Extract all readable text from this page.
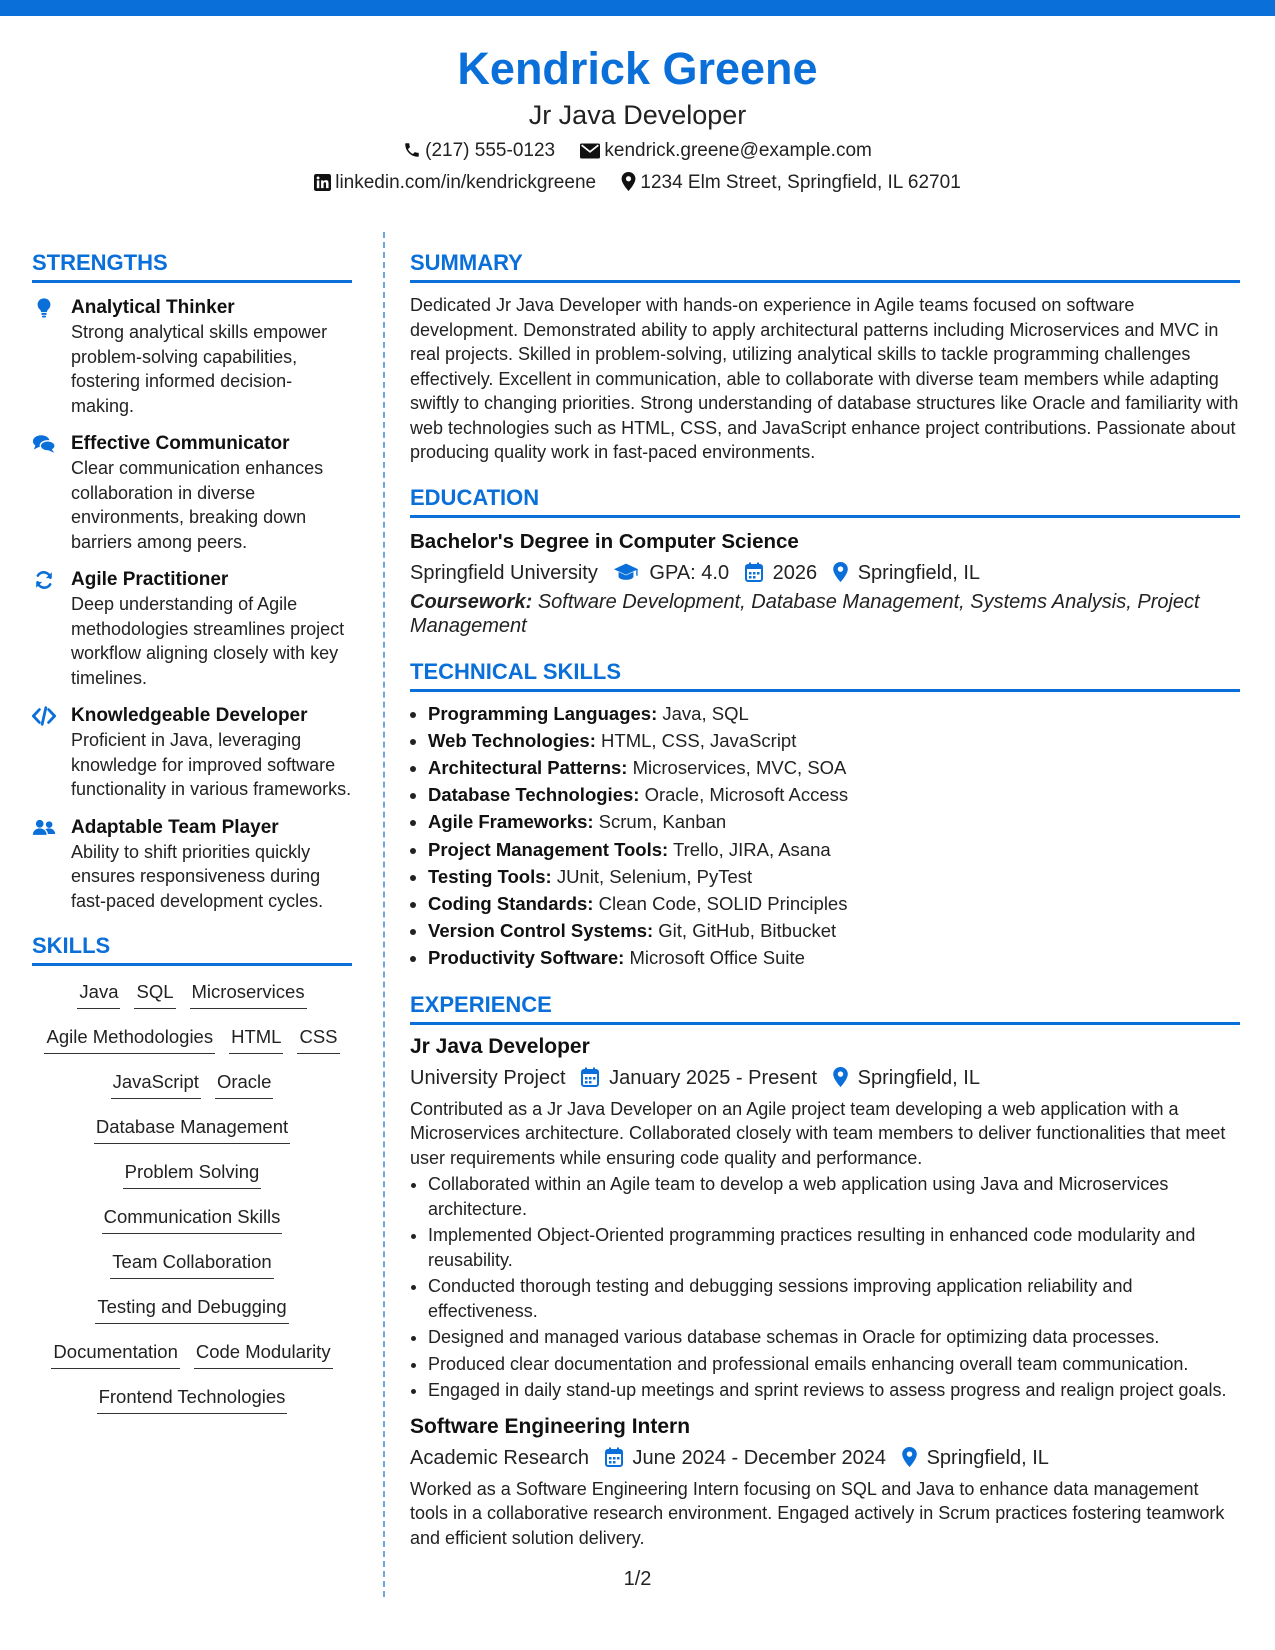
Kendrick Greene
Jr Java Developer
(217) 555-0123	kendrick.greene@example.com
linkedin.com/in/kendrickgreene 1234 Elm Street, Springfield, IL 62701
STRENGTHS
Analytical Thinker
Strong analytical skills empower problem-solving capabilities, fostering informed decision-making.
Effective Communicator
Clear communication enhances collaboration in diverse environments, breaking down barriers among peers.
Agile Practitioner
Deep understanding of Agile methodologies streamlines project workflow aligning closely with key timelines.
Knowledgeable Developer
Proficient in Java, leveraging knowledge for improved software functionality in various frameworks.
Adaptable Team Player
Ability to shift priorities quickly ensures responsiveness during fast-paced development cycles.
SKILLS
Java SQL Microservices
Agile Methodologies HTML CSS
JavaScript Oracle
Database Management
Problem Solving
Communication Skills
Team Collaboration
Testing and Debugging
Documentation Code Modularity
Frontend Technologies
SUMMARY
Dedicated Jr Java Developer with hands-on experience in Agile teams focused on software development. Demonstrated ability to apply architectural patterns including Microservices and MVC in real projects. Skilled in problem-solving, utilizing analytical skills to tackle programming challenges effectively. Excellent in communication, able to collaborate with diverse team members while adapting swiftly to changing priorities. Strong understanding of database structures like Oracle and familiarity with web technologies such as HTML, CSS, and JavaScript enhance project contributions. Passionate about producing quality work in fast-paced environments.
EDUCATION
Bachelor's Degree in Computer Science
Springfield University	GPA: 4.0 2026 Springfield, IL
Coursework: Software Development, Database Management, Systems Analysis, Project Management
TECHNICAL SKILLS
• Programming Languages: Java, SQL
• Web Technologies: HTML, CSS, JavaScript
• Architectural Patterns: Microservices, MVC, SOA
• Database Technologies: Oracle, Microsoft Access
• Agile Frameworks: Scrum, Kanban
• Project Management Tools: Trello, JIRA, Asana
• Testing Tools: JUnit, Selenium, PyTest
• Coding Standards: Clean Code, SOLID Principles
• Version Control Systems: Git, GitHub, Bitbucket
• Productivity Software: Microsoft Office Suite
EXPERIENCE
Jr Java Developer
University Project January 2025 - Present Springfield, IL
Contributed as a Jr Java Developer on an Agile project team developing a web application with a Microservices architecture. Collaborated closely with team members to deliver functionalities that meet user requirements while ensuring code quality and performance.
• Collaborated within an Agile team to develop a web application using Java and Microservices architecture.
• Implemented Object-Oriented programming practices resulting in enhanced code modularity and reusability.
• Conducted thorough testing and debugging sessions improving application reliability and effectiveness.
• Designed and managed various database schemas in Oracle for optimizing data processes.
• Produced clear documentation and professional emails enhancing overall team communication.
• Engaged in daily stand-up meetings and sprint reviews to assess progress and realign project goals.
Software Engineering Intern
Academic Research June 2024 - December 2024 Springfield, IL
Worked as a Software Engineering Intern focusing on SQL and Java to enhance data management tools in a collaborative research environment. Engaged actively in Scrum practices fostering teamwork and efficient solution delivery.
1/2
